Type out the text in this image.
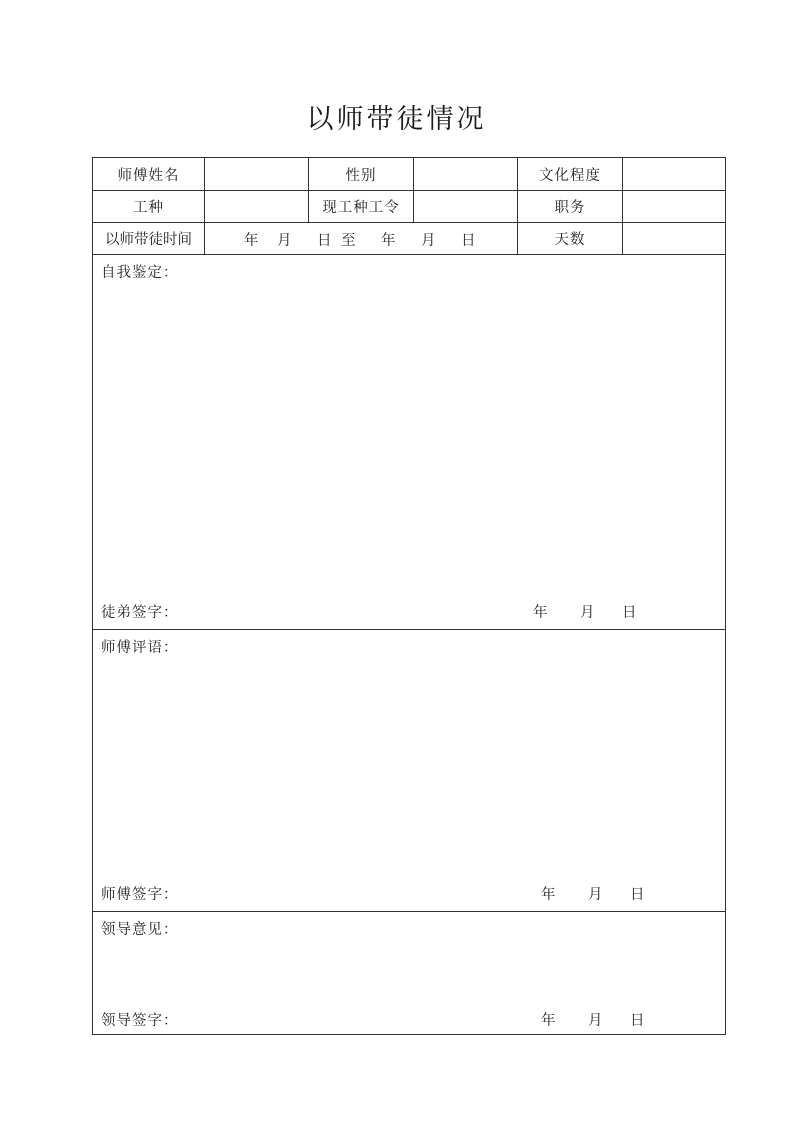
以师带徒情况
师傅姓名	性别	文化程度
工种	现工种工令	职务
以师带徒时间	年 月 日 至 年 月 日	天数
自我鉴定：
徒弟签字：	年 月 日
师傅评语：
师傅签字：	年 月 日
领导意见：
领导签字：	年 月 日
